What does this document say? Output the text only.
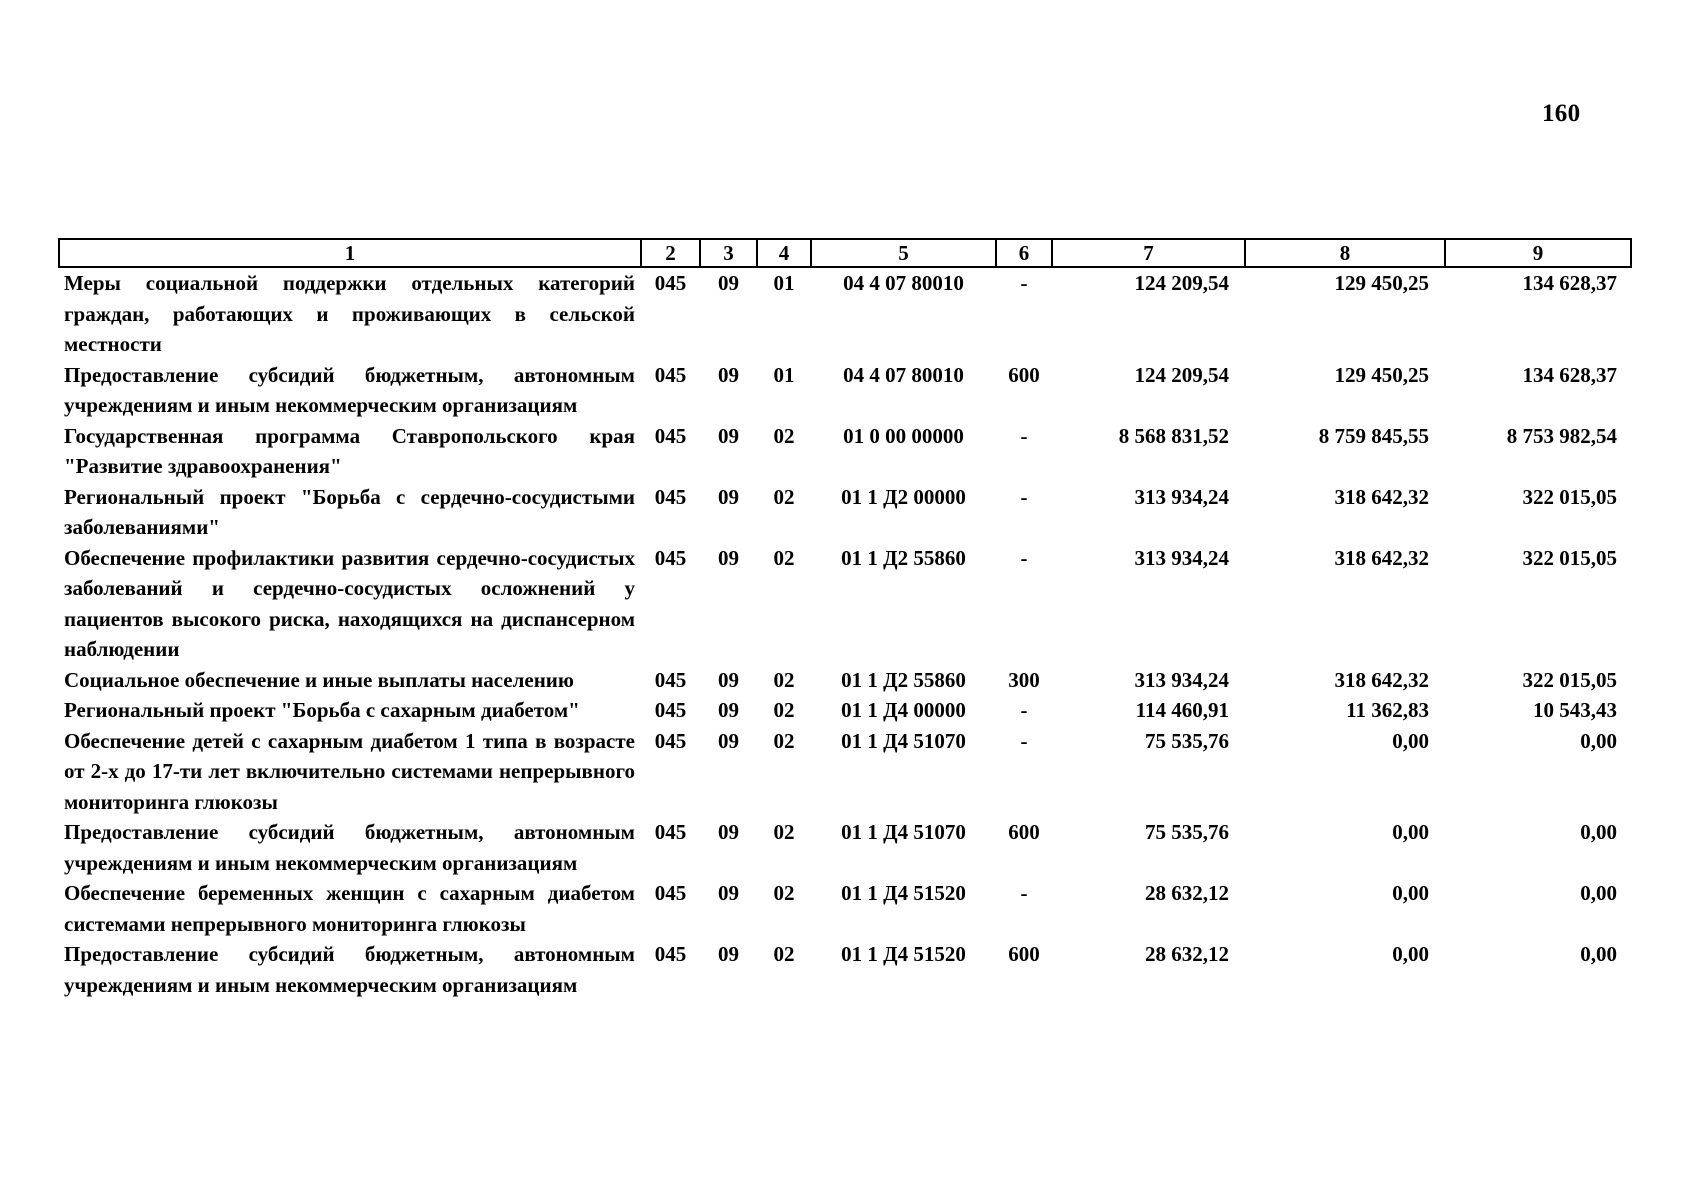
160
1	2	3	4	5	6	7	8	9
Меры социальной поддержки отдельных категорий граждан, работающих и проживающих в сельской местности	045	09	01	04 4 07 80010	-	124 209,54	129 450,25	134 628,37
Предоставление субсидий бюджетным, автономным учреждениям и иным некоммерческим организациям	045	09	01	04 4 07 80010	600	124 209,54	129 450,25	134 628,37
Государственная программа Ставропольского края "Развитие здравоохранения"	045	09	02	01 0 00 00000	-	8 568 831,52	8 759 845,55	8 753 982,54
Региональный проект "Борьба с сердечно-сосудистыми заболеваниями"	045	09	02	01 1 Д2 00000	-	313 934,24	318 642,32	322 015,05
Обеспечение профилактики развития сердечно-сосудистых заболеваний и сердечно-сосудистых осложнений у пациентов высокого риска, находящихся на диспансерном наблюдении	045	09	02	01 1 Д2 55860	-	313 934,24	318 642,32	322 015,05
Социальное обеспечение и иные выплаты населению	045	09	02	01 1 Д2 55860	300	313 934,24	318 642,32	322 015,05
Региональный проект "Борьба с сахарным диабетом"	045	09	02	01 1 Д4 00000	-	114 460,91	11 362,83	10 543,43
Обеспечение детей с сахарным диабетом 1 типа в возрасте от 2-х до 17-ти лет включительно системами непрерывного мониторинга глюкозы	045	09	02	01 1 Д4 51070	-	75 535,76	0,00	0,00
Предоставление субсидий бюджетным, автономным учреждениям и иным некоммерческим организациям	045	09	02	01 1 Д4 51070	600	75 535,76	0,00	0,00
Обеспечение беременных женщин с сахарным диабетом системами непрерывного мониторинга глюкозы	045	09	02	01 1 Д4 51520	-	28 632,12	0,00	0,00
Предоставление субсидий бюджетным, автономным учреждениям и иным некоммерческим организациям	045	09	02	01 1 Д4 51520	600	28 632,12	0,00	0,00
